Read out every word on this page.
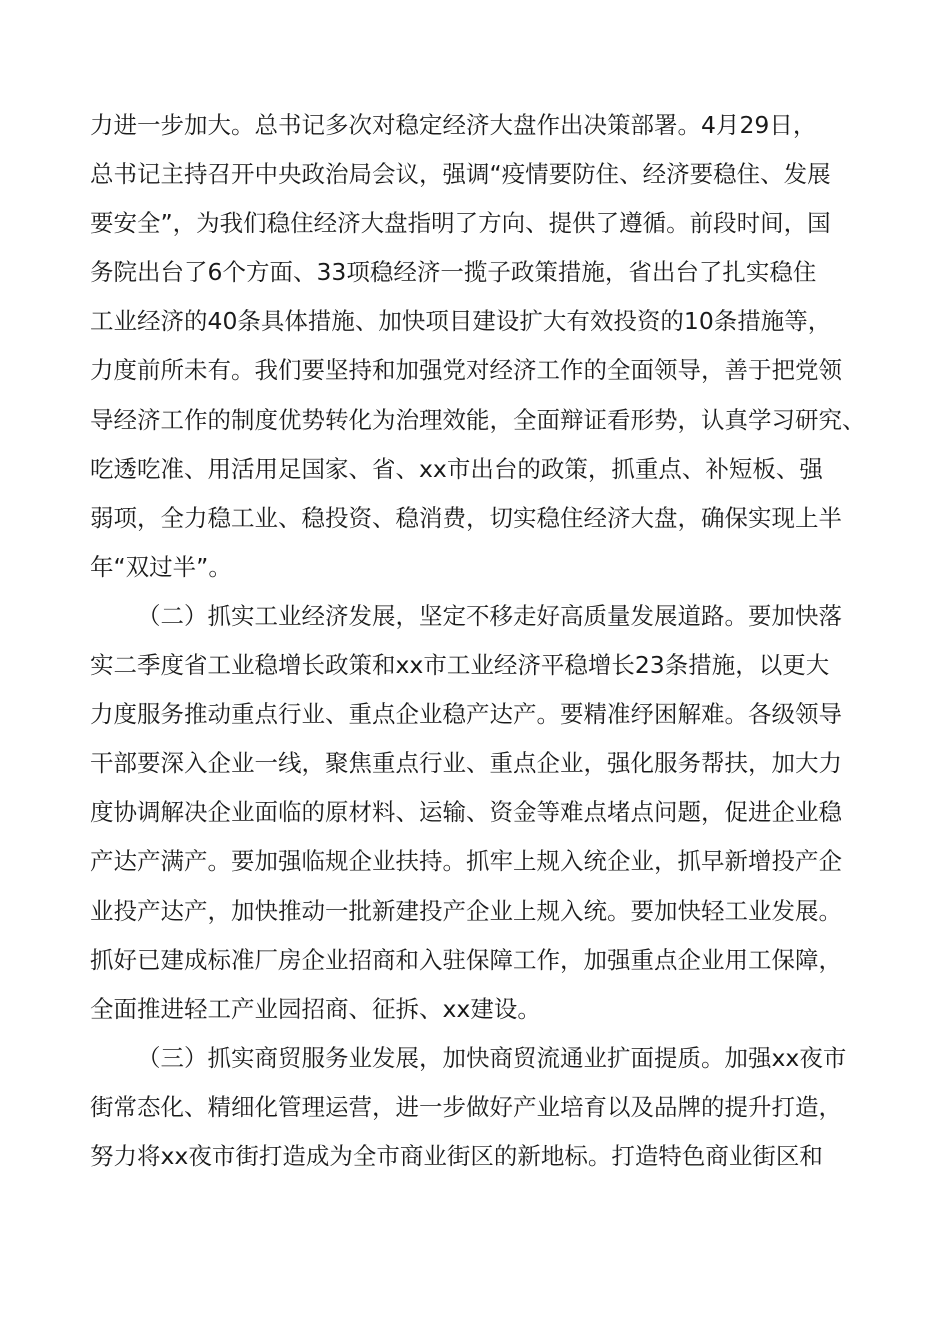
力进一步加大。总书记多次对稳定经济大盘作出决策部署。4月29日，
总书记主持召开中央政治局会议，强调“疫情要防住、经济要稳住、发展
要安全”，为我们稳住经济大盘指明了方向、提供了遵循。前段时间，国
务院出台了6个方面、33项稳经济一揽子政策措施，省出台了扎实稳住
工业经济的40条具体措施、加快项目建设扩大有效投资的10条措施等，
力度前所未有。我们要坚持和加强党对经济工作的全面领导，善于把党领
导经济工作的制度优势转化为治理效能，全面辩证看形势，认真学习研究、
吃透吃准、用活用足国家、省、xx市出台的政策，抓重点、补短板、强
弱项，全力稳工业、稳投资、稳消费，切实稳住经济大盘，确保实现上半
年“双过半”。
（二）抓实工业经济发展，坚定不移走好高质量发展道路。要加快落
实二季度省工业稳增长政策和xx市工业经济平稳增长23条措施，以更大
力度服务推动重点行业、重点企业稳产达产。要精准纾困解难。各级领导
干部要深入企业一线，聚焦重点行业、重点企业，强化服务帮扶，加大力
度协调解决企业面临的原材料、运输、资金等难点堵点问题，促进企业稳
产达产满产。要加强临规企业扶持。抓牢上规入统企业，抓早新增投产企
业投产达产，加快推动一批新建投产企业上规入统。要加快轻工业发展。
抓好已建成标准厂房企业招商和入驻保障工作，加强重点企业用工保障，
全面推进轻工产业园招商、征拆、xx建设。
（三）抓实商贸服务业发展，加快商贸流通业扩面提质。加强xx夜市
街常态化、精细化管理运营，进一步做好产业培育以及品牌的提升打造，
努力将xx夜市街打造成为全市商业街区的新地标。打造特色商业街区和
